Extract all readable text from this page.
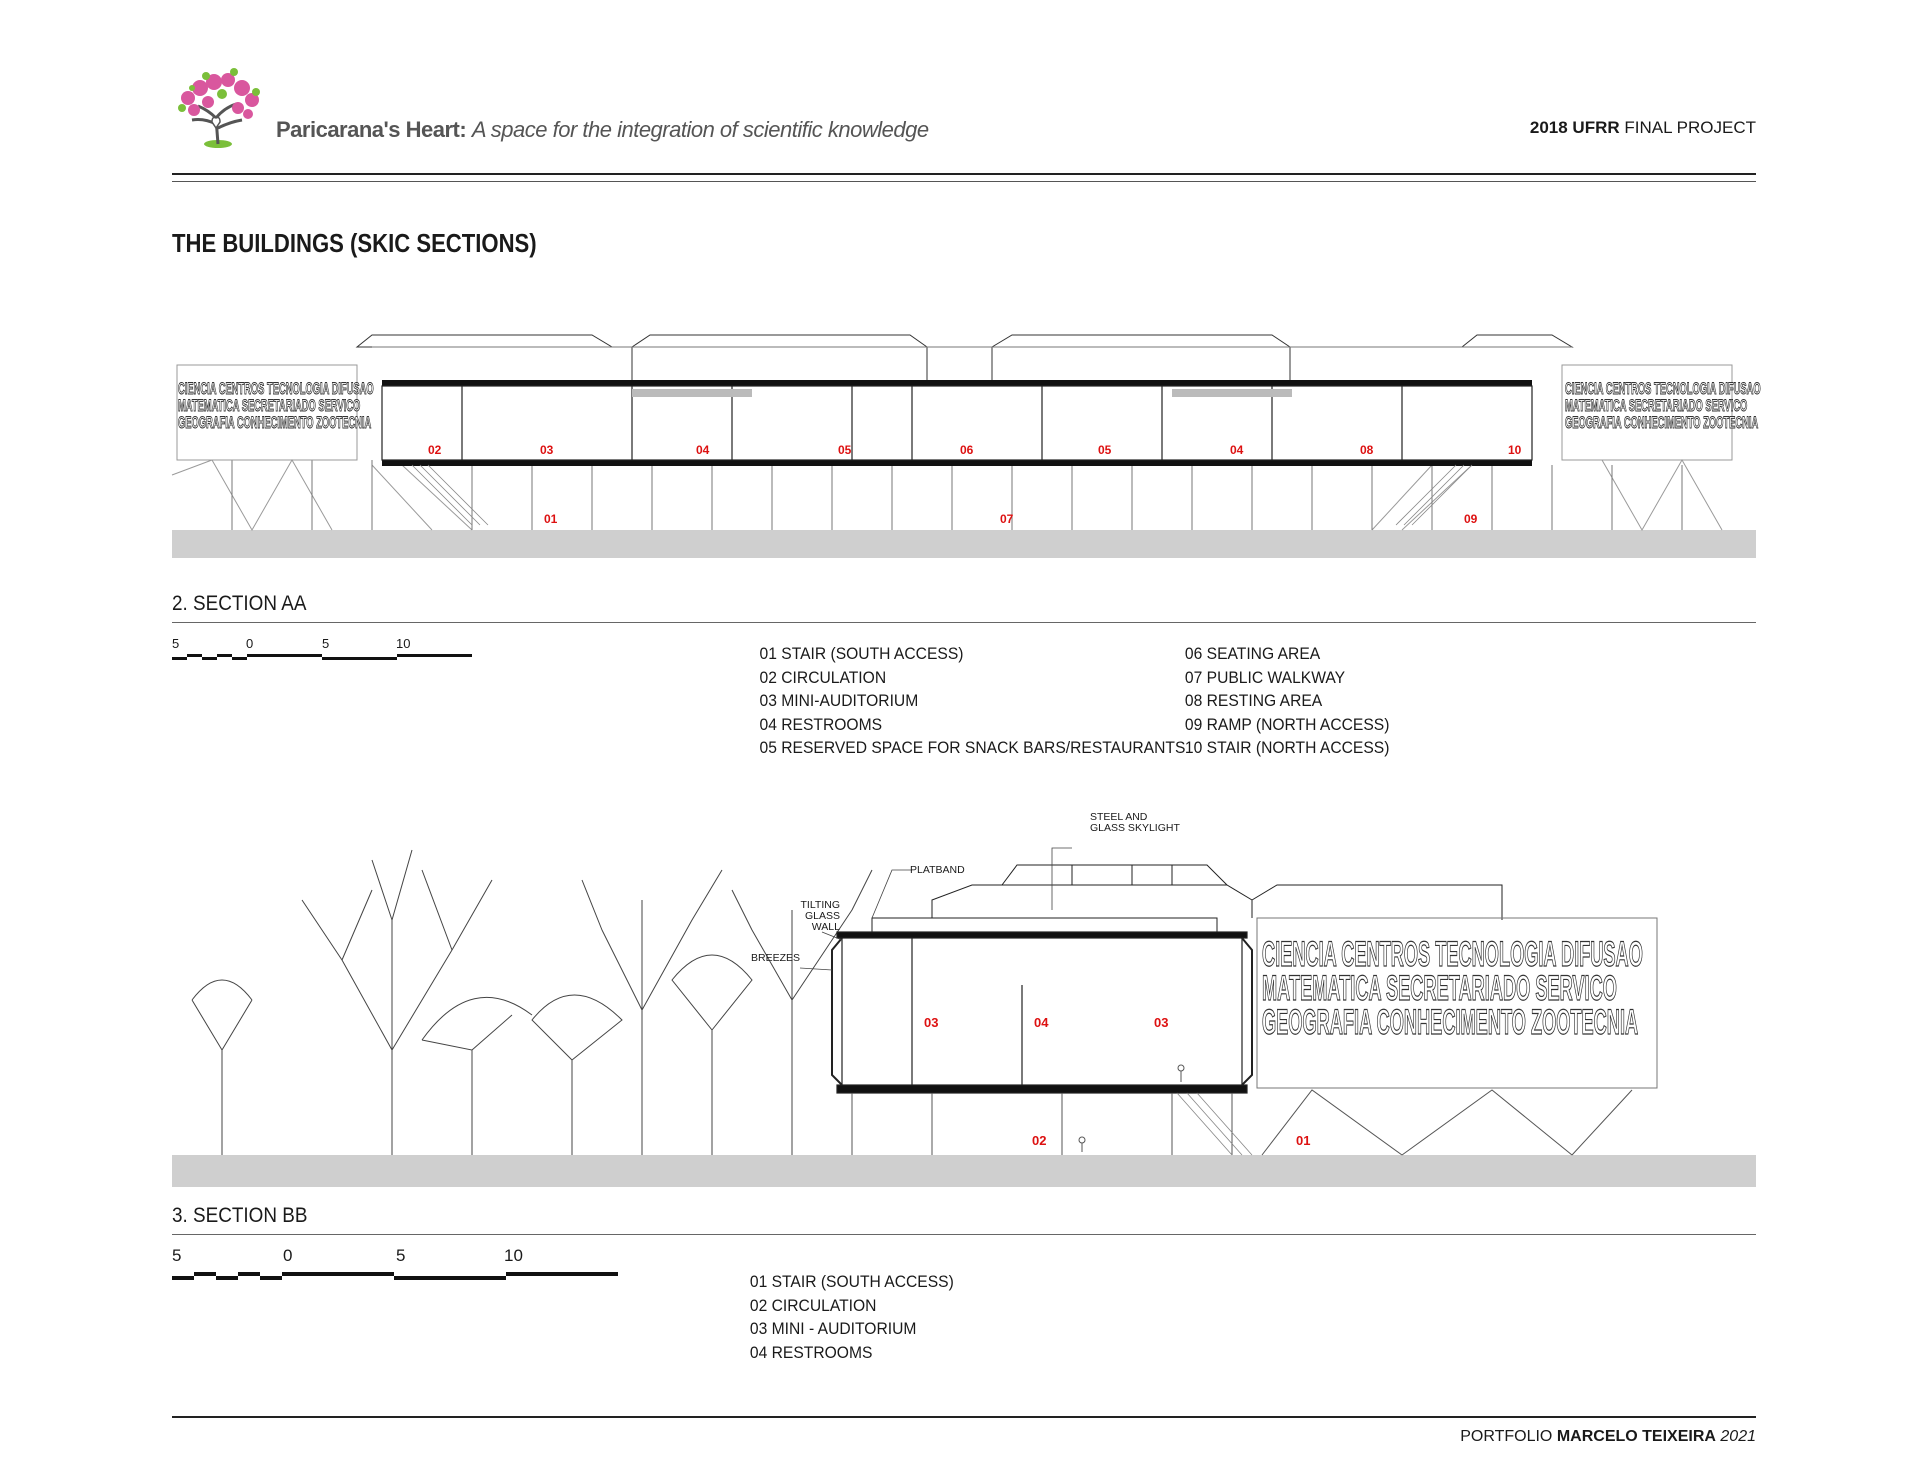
Paricarana's Heart: A space for the integration of scientific knowledge	2018 UFRR FINAL PROJECT
THE BUILDINGS (SKIC SECTIONS)
CIENCIA CENTROS TECNOLOGIA DIFUSAO
MATEMATICA SECRETARIADO SERVICO
GEOGRAFIA CONHECIMENTO ZOOTECNIA
CIENCIA CENTROS TECNOLOGIA DIFUSAO
MATEMATICA SECRETARIADO SERVICO
GEOGRAFIA CONHECIMENTO ZOOTECNIA
02	03	04	05	06	05	04	08	10
01	07	09
2. SECTION AA
5	0	5	10
01 STAIR (SOUTH ACCESS)
02 CIRCULATION
03 MINI-AUDITORIUM
04 RESTROOMS
05 RESERVED SPACE FOR SNACK BARS/RESTAURANTS
06 SEATING AREA
07 PUBLIC WALKWAY
08 RESTING AREA
09 RAMP (NORTH ACCESS)
10 STAIR (NORTH ACCESS)
CIENCIA CENTROS TECNOLOGIA DIFUSAO
MATEMATICA SECRETARIADO SERVICO
GEOGRAFIA CONHECIMENTO ZOOTECNIA
STEEL AND
GLASS SKYLIGHT
PLATBAND
TILTING
GLASS
WALL
BREEZES
03	04	03
02	01
3. SECTION BB
5	0	5	10
01 STAIR (SOUTH ACCESS)
02 CIRCULATION
03 MINI - AUDITORIUM
04 RESTROOMS
PORTFOLIO MARCELO TEIXEIRA 2021
